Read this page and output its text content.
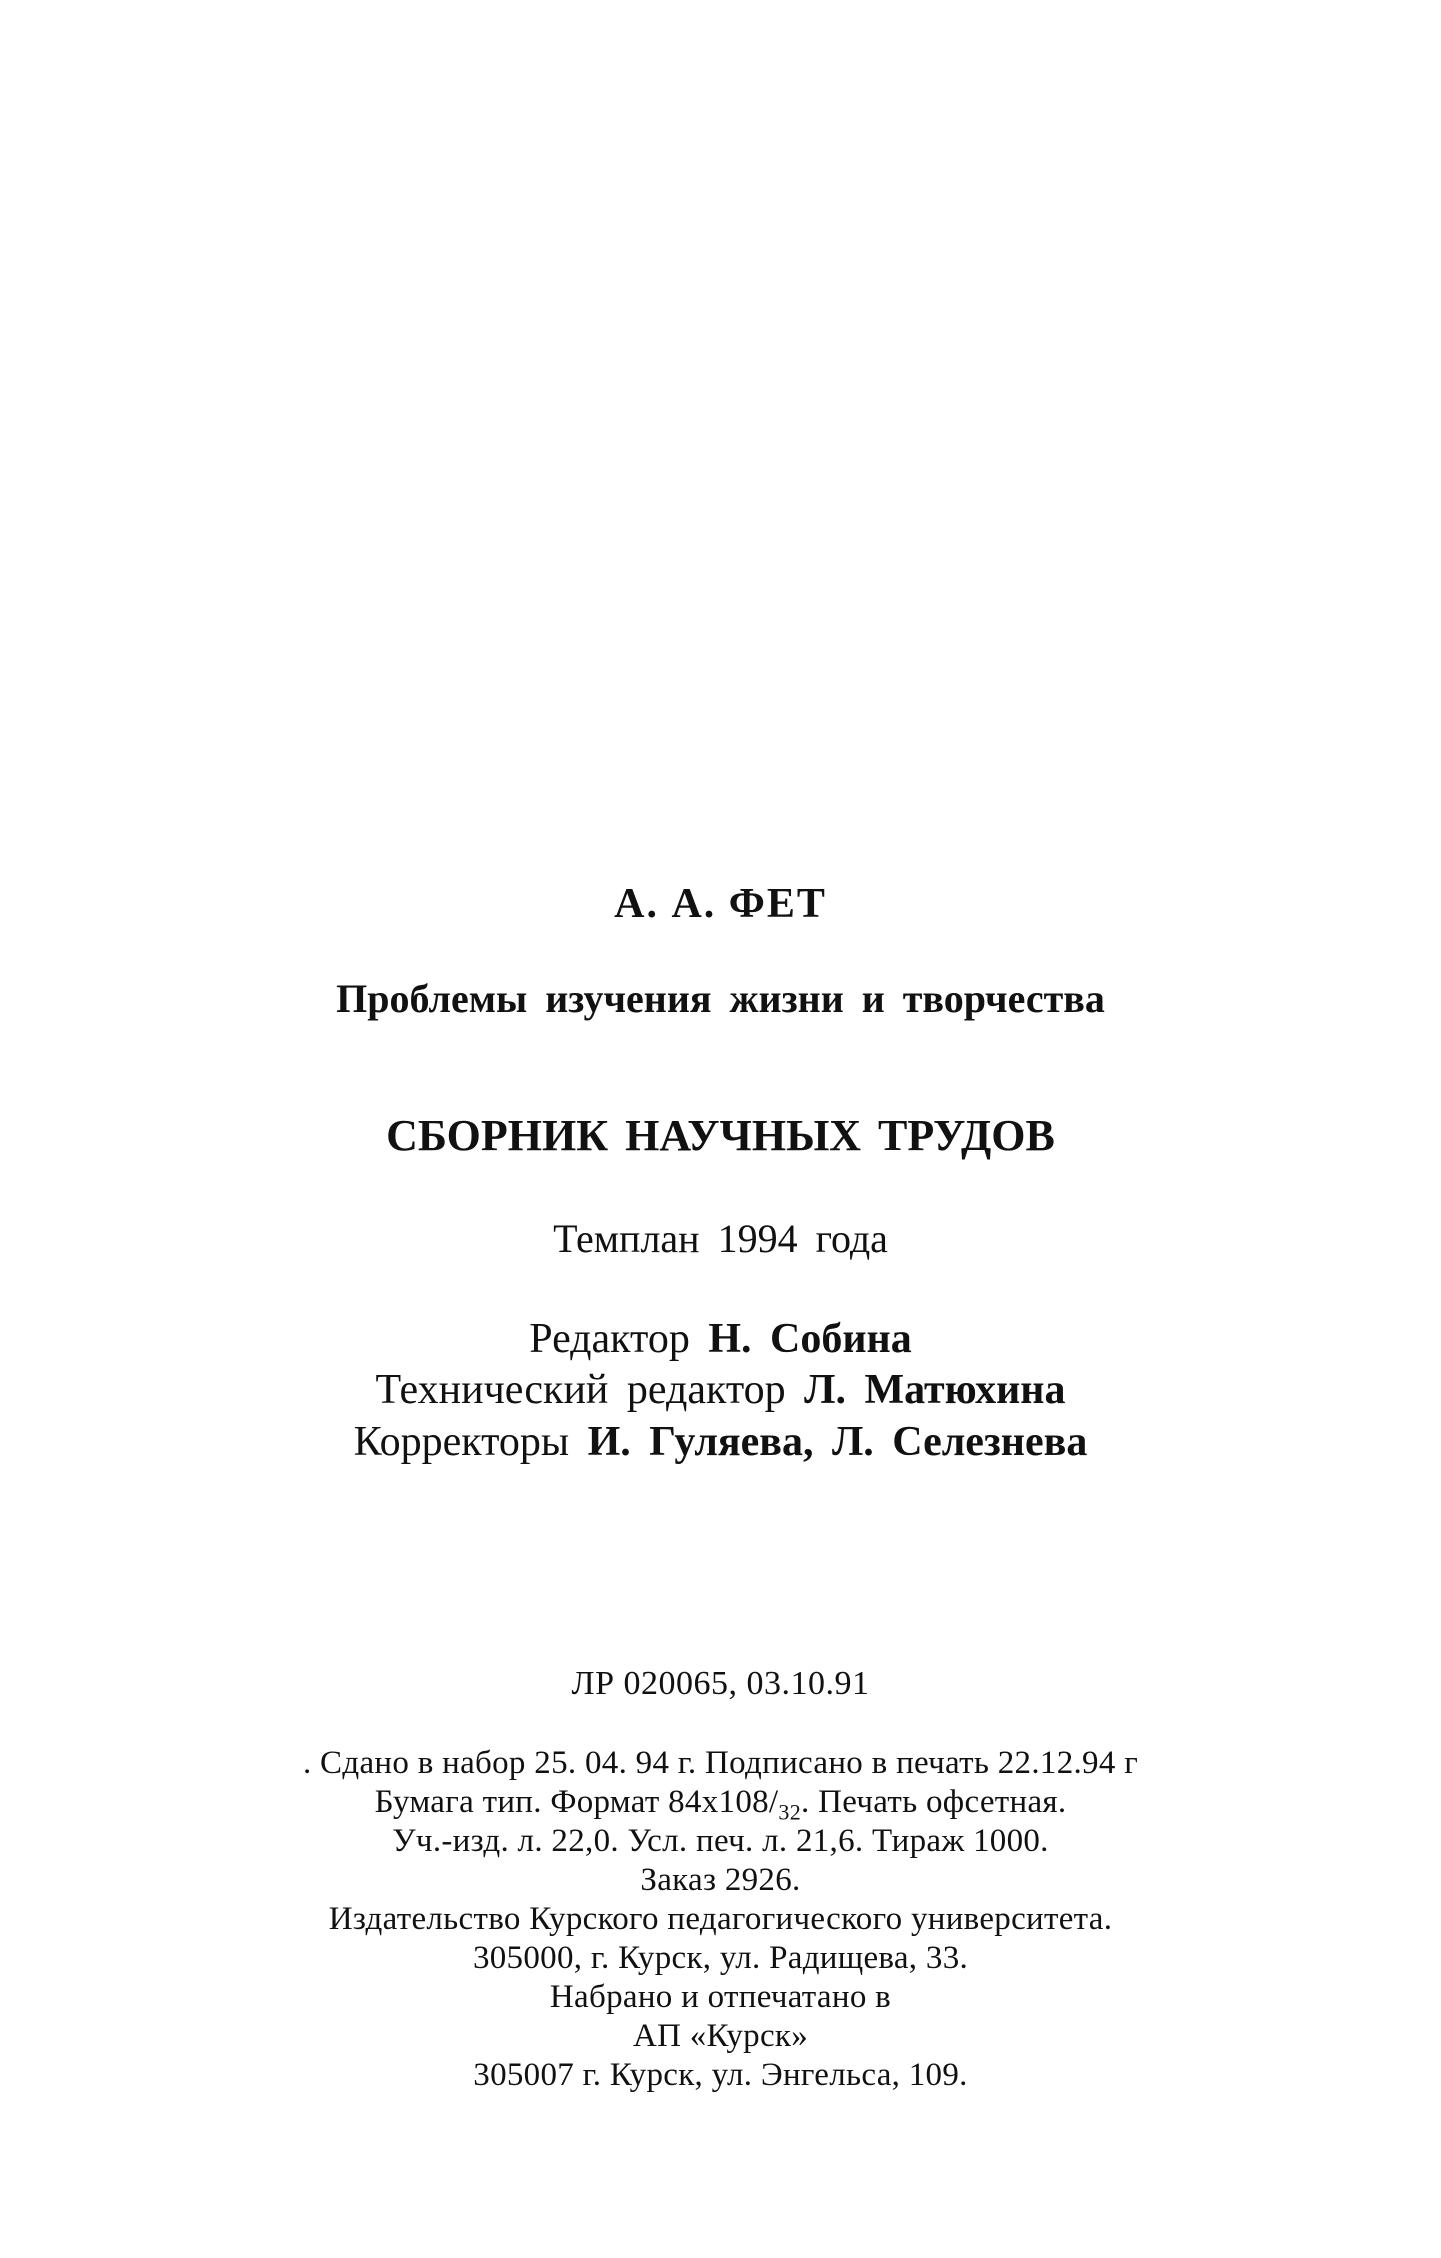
А. А. ФЕТ
Проблемы изучения жизни и творчества
СБОРНИК НАУЧНЫХ ТРУДОВ
Темплан 1994 года
Редактор Н. Собина
Технический редактор Л. Матюхина
Корректоры И. Гуляева, Л. Селезнева
ЛР 020065, 03.10.91
. Сдано в набор 25. 04. 94 г. Подписано в печать 22.12.94 г
Бумага тип. Формат $84x108/_{32}$. Печать офсетная.
Уч.-изд. л. 22,0. Усл. печ. л. 21,6. Тираж 1000.
Заказ 2926.
Издательство Курского педагогического университета.
305000, г. Курск, ул. Радищева, 33.
Набрано и отпечатано в
АП «Курск»
305007 г. Курск, ул. Энгельса, 109.
